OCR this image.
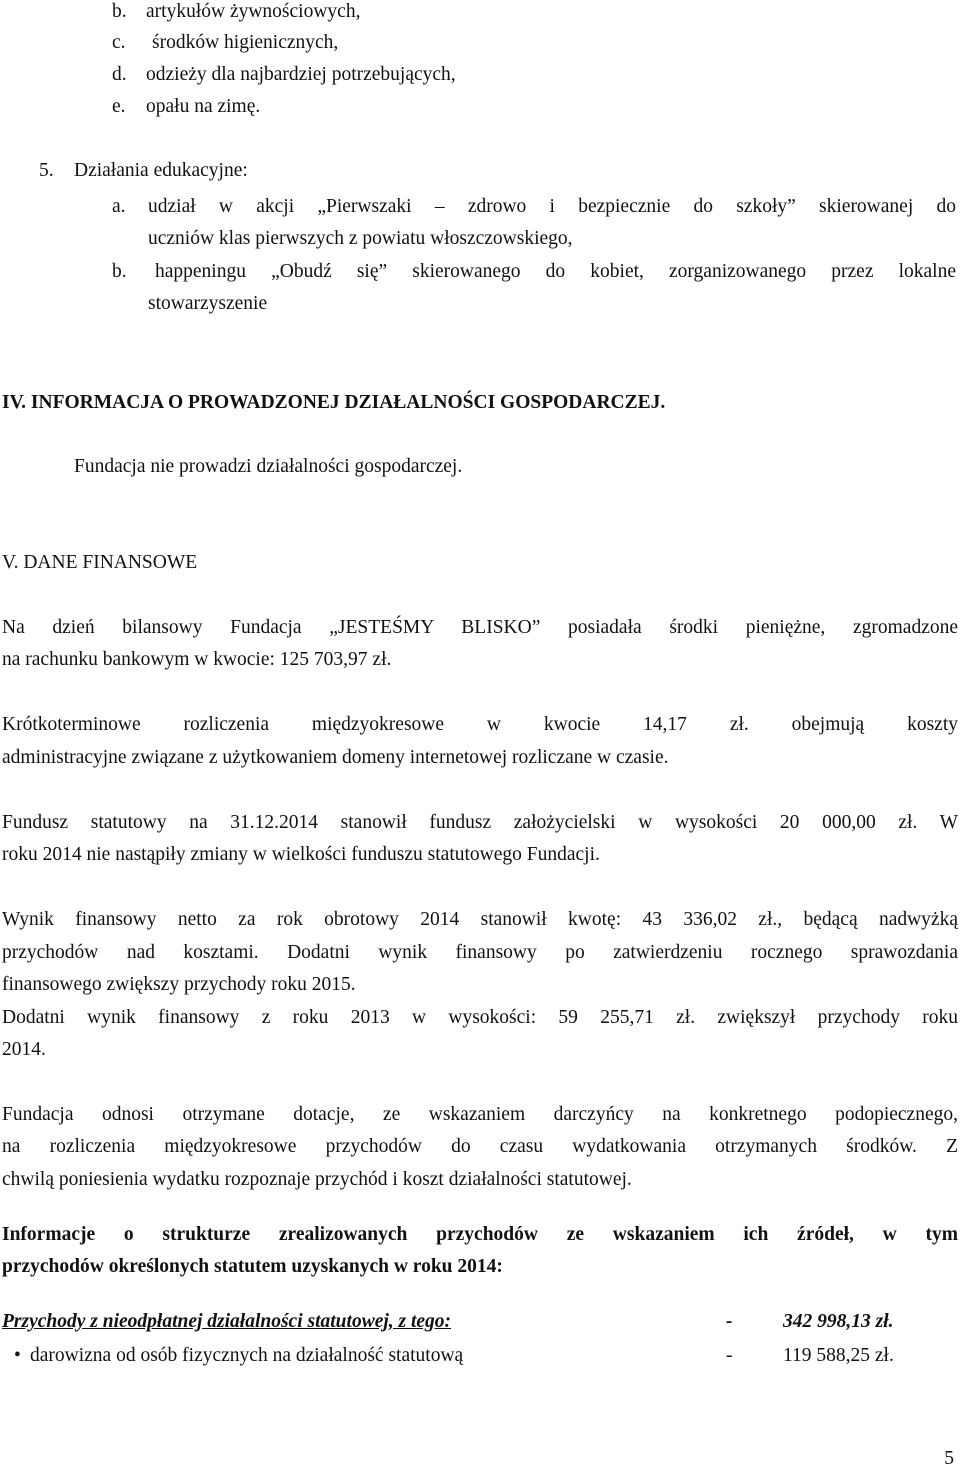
b. artykułów żywnościowych,
c. środków higienicznych,
d. odzieży dla najbardziej potrzebujących,
e. opału na zimę.
5. Działania edukacyjne:
a. udział w akcji „Pierwszaki – zdrowo i bezpiecznie do szkoły” skierowanej do
uczniów klas pierwszych z powiatu włoszczowskiego,
b. happeningu „Obudź się” skierowanego do kobiet, zorganizowanego przez lokalne
stowarzyszenie
IV. INFORMACJA O PROWADZONEJ DZIAŁALNOŚCI GOSPODARCZEJ.
Fundacja nie prowadzi działalności gospodarczej.
V. DANE FINANSOWE
Na dzień bilansowy Fundacja „JESTEŚMY BLISKO” posiadała środki pieniężne, zgromadzone
na rachunku bankowym w kwocie: 125 703,97 zł.
Krótkoterminowe rozliczenia międzyokresowe w kwocie 14,17 zł. obejmują koszty
administracyjne związane z użytkowaniem domeny internetowej rozliczane w czasie.
Fundusz statutowy na 31.12.2014 stanowił fundusz założycielski w wysokości 20 000,00 zł. W
roku 2014 nie nastąpiły zmiany w wielkości funduszu statutowego Fundacji.
Wynik finansowy netto za rok obrotowy 2014 stanowił kwotę: 43 336,02 zł., będącą nadwyżką
przychodów nad kosztami. Dodatni wynik finansowy po zatwierdzeniu rocznego sprawozdania
finansowego zwiększy przychody roku 2015.
Dodatni wynik finansowy z roku 2013 w wysokości: 59 255,71 zł. zwiększył przychody roku
2014.
Fundacja odnosi otrzymane dotacje, ze wskazaniem darczyńcy na konkretnego podopiecznego,
na rozliczenia międzyokresowe przychodów do czasu wydatkowania otrzymanych środków. Z
chwilą poniesienia wydatku rozpoznaje przychód i koszt działalności statutowej.
Informacje o strukturze zrealizowanych przychodów ze wskazaniem ich źródeł, w tym
przychodów określonych statutem uzyskanych w roku 2014:
Przychody z nieodpłatnej działalności statutowej, z tego:	-	342 998,13 zł.
• darowizna od osób fizycznych na działalność statutową	-	119 588,25 zł.
5
